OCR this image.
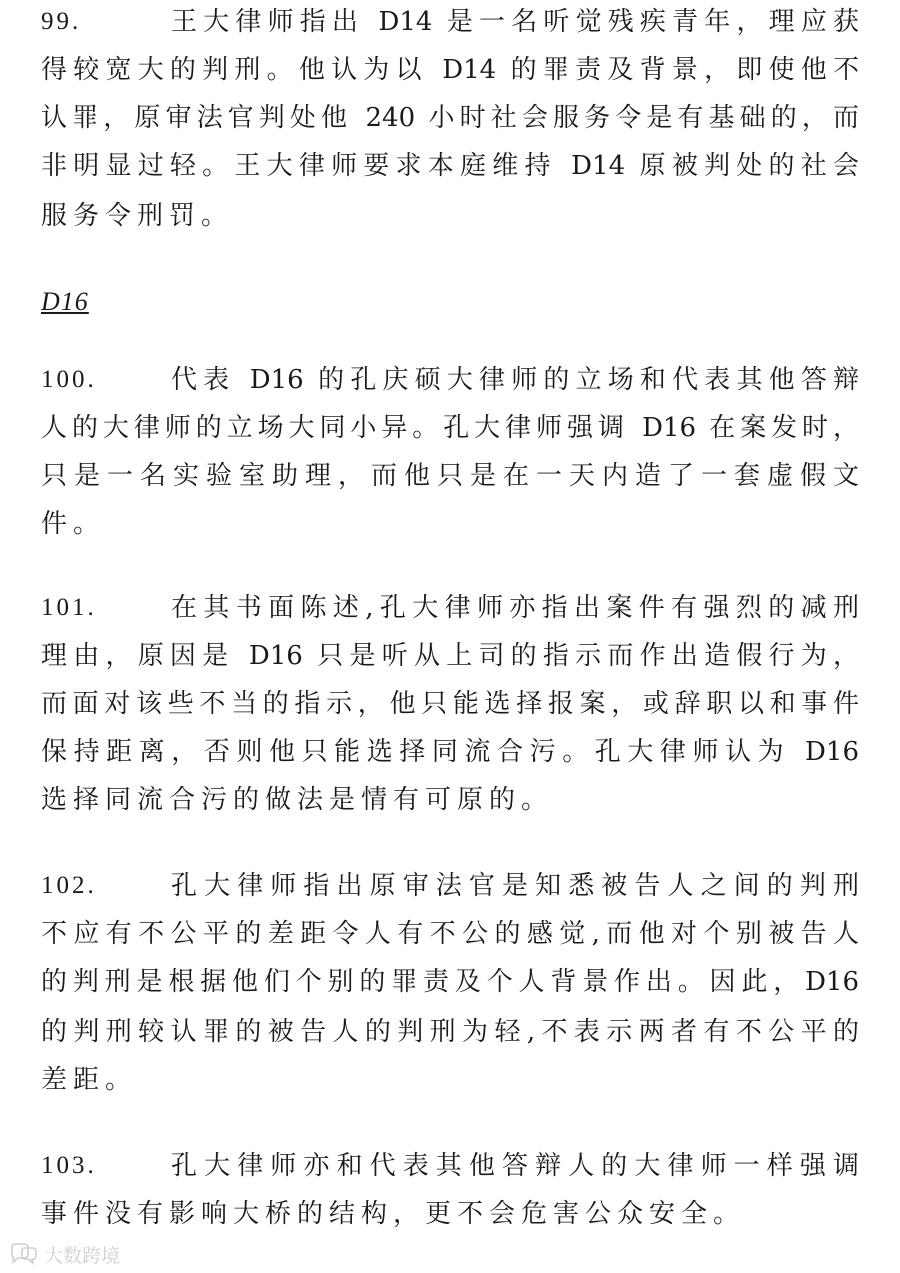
99.	王大律师指出 D14 是一名听觉残疾青年，理应获
得较宽大的判刑。他认为以 D14 的罪责及背景，即使他不
认罪，原审法官判处他 240 小时社会服务令是有基础的，而
非明显过轻。王大律师要求本庭维持 D14 原被判处的社会
服务令刑罚。
D16
100.	代表 D16 的孔庆硕大律师的立场和代表其他答辩
人的大律师的立场大同小异。孔大律师强调 D16 在案发时，
只是一名实验室助理，而他只是在一天内造了一套虚假文
件。
101.	在其书面陈述,孔大律师亦指出案件有强烈的减刑
理由，原因是 D16 只是听从上司的指示而作出造假行为，
而面对该些不当的指示，他只能选择报案，或辞职以和事件
保持距离，否则他只能选择同流合污。孔大律师认为 D16
选择同流合污的做法是情有可原的。
102.	孔大律师指出原审法官是知悉被告人之间的判刑
不应有不公平的差距令人有不公的感觉,而他对个别被告人
的判刑是根据他们个别的罪责及个人背景作出。因此，D16
的判刑较认罪的被告人的判刑为轻,不表示两者有不公平的
差距。
103.	孔大律师亦和代表其他答辩人的大律师一样强调
事件没有影响大桥的结构，更不会危害公众安全。
大数跨境
